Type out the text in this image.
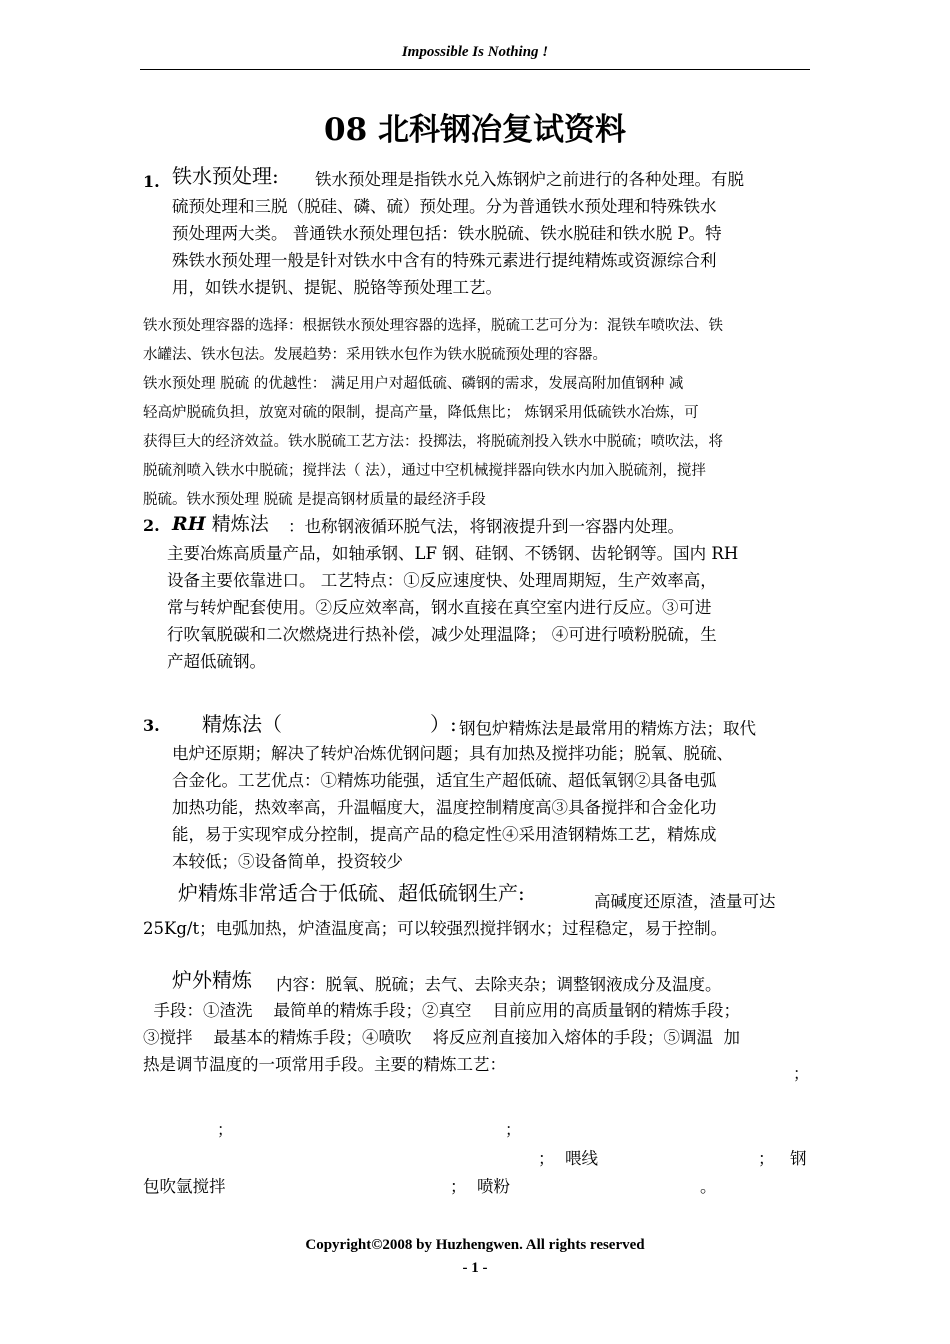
Impossible Is Nothing !
08 北科钢冶复试资料
1. 铁水预处理:	铁水预处理是指铁水兑入炼钢炉之前进行的各种处理。有脱
硫预处理和三脱（脱硅、磷、硫）预处理。分为普通铁水预处理和特殊铁水
预处理两大类。 普通铁水预处理包括：铁水脱硫、铁水脱硅和铁水脱 P。特
殊铁水预处理一般是针对铁水中含有的特殊元素进行提纯精炼或资源综合利
用，如铁水提钒、提铌、脱铬等预处理工艺。
铁水预处理容器的选择：根据铁水预处理容器的选择，脱硫工艺可分为：混铁车喷吹法、铁
水罐法、铁水包法。发展趋势：采用铁水包作为铁水脱硫预处理的容器。
铁水预处理 脱硫 的优越性： 满足用户对超低硫、磷钢的需求，发展高附加值钢种 减
轻高炉脱硫负担，放宽对硫的限制，提高产量，降低焦比； 炼钢采用低硫铁水冶炼，可
获得巨大的经济效益。铁水脱硫工艺方法：投掷法，将脱硫剂投入铁水中脱硫；喷吹法，将
脱硫剂喷入铁水中脱硫；搅拌法（ 法），通过中空机械搅拌器向铁水内加入脱硫剂，搅拌
脱硫。铁水预处理 脱硫 是提高钢材质量的最经济手段
2. RH 精炼法 ：也称钢液循环脱气法，将钢液提升到一容器内处理。
主要冶炼高质量产品，如轴承钢、LF 钢、硅钢、不锈钢、齿轮钢等。国内 RH
设备主要依靠进口。 工艺特点：①反应速度快、处理周期短，生产效率高，
常与转炉配套使用。②反应效率高，钢水直接在真空室内进行反应。③可进
行吹氧脱碳和二次燃烧进行热补偿，减少处理温降； ④可进行喷粉脱硫，生
产超低硫钢。
3. 精炼法（	）: 钢包炉精炼法是最常用的精炼方法；取代
电炉还原期；解决了转炉冶炼优钢问题；具有加热及搅拌功能；脱氧、脱硫、
合金化。工艺优点：①精炼功能强，适宜生产超低硫、超低氧钢②具备电弧
加热功能，热效率高，升温幅度大，温度控制精度高③具备搅拌和合金化功
能，易于实现窄成分控制，提高产品的稳定性④采用渣钢精炼工艺，精炼成
本较低；⑤设备简单，投资较少
炉精炼非常适合于低硫、超低硫钢生产:	高碱度还原渣，渣量可达
25Kg/t；电弧加热，炉渣温度高；可以较强烈搅拌钢水；过程稳定，易于控制。
炉外精炼 内容：脱氧、脱硫；去气、去除夹杂；调整钢液成分及温度。
手段：①渣洗    最简单的精炼手段；②真空    目前应用的高质量钢的精炼手段；
③搅拌    最基本的精炼手段；④喷吹    将反应剂直接加入熔体的手段；⑤调温  加
热是调节温度的一项常用手段。主要的精炼工艺：	；
；	；
；  喂线	； 钢
包吹氩搅拌	；  喷粉	。
Copyright©2008 by Huzhengwen. All rights reserved
- 1 -
